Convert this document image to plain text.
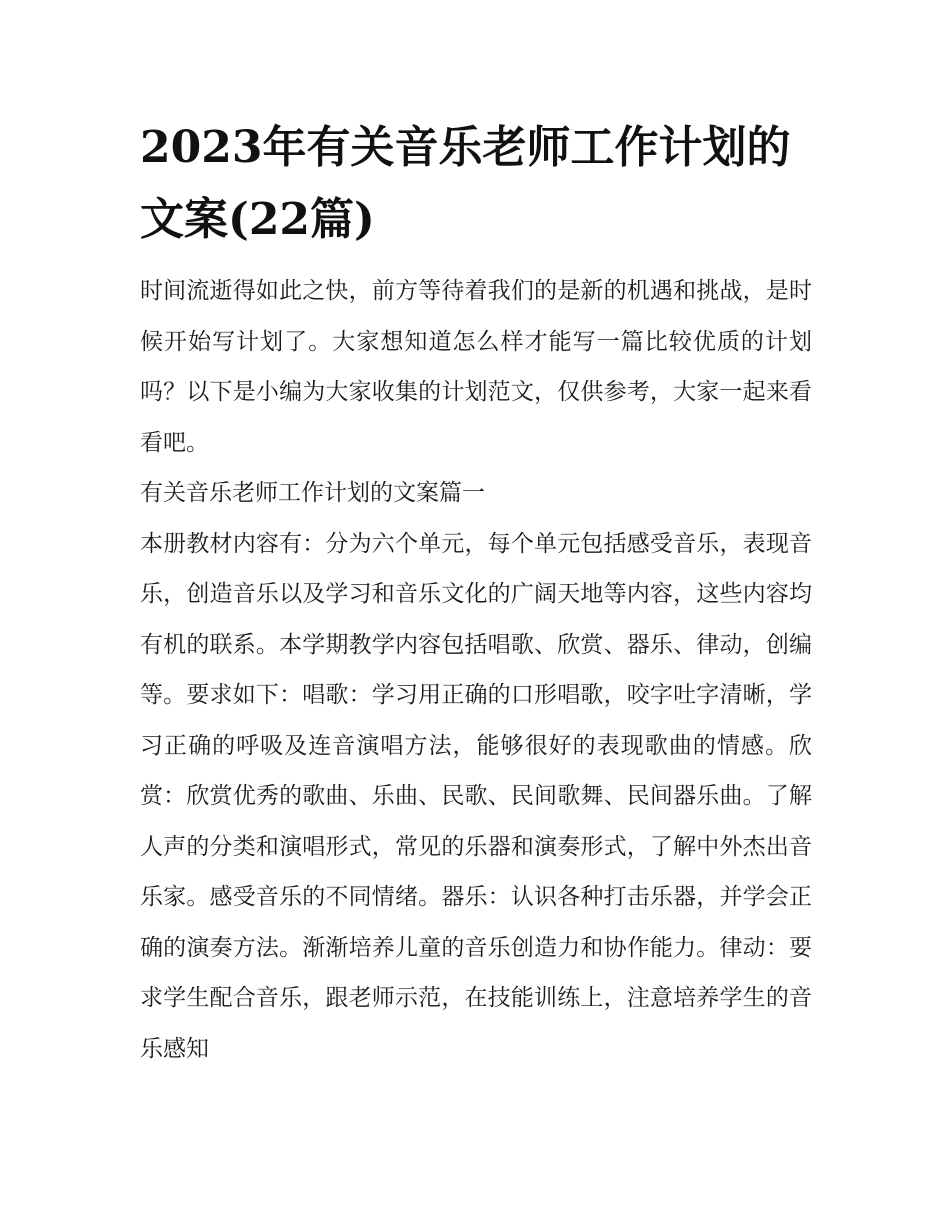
2023年有关音乐老师工作计划的文案(22篇)

时间流逝得如此之快，前方等待着我们的是新的机遇和挑战，是时候开始写计划了。大家想知道怎么样才能写一篇比较优质的计划吗？以下是小编为大家收集的计划范文，仅供参考，大家一起来看看吧。

有关音乐老师工作计划的文案篇一

本册教材内容有：分为六个单元，每个单元包括感受音乐，表现音乐，创造音乐以及学习和音乐文化的广阔天地等内容，这些内容均有机的联系。本学期教学内容包括唱歌、欣赏、器乐、律动，创编等。要求如下：唱歌：学习用正确的口形唱歌，咬字吐字清晰，学习正确的呼吸及连音演唱方法，能够很好的表现歌曲的情感。欣赏：欣赏优秀的歌曲、乐曲、民歌、民间歌舞、民间器乐曲。了解人声的分类和演唱形式，常见的乐器和演奏形式，了解中外杰出音乐家。感受音乐的不同情绪。器乐：认识各种打击乐器，并学会正确的演奏方法。渐渐培养儿童的音乐创造力和协作能力。律动：要求学生配合音乐，跟老师示范，在技能训练上，注意培养学生的音乐感知
